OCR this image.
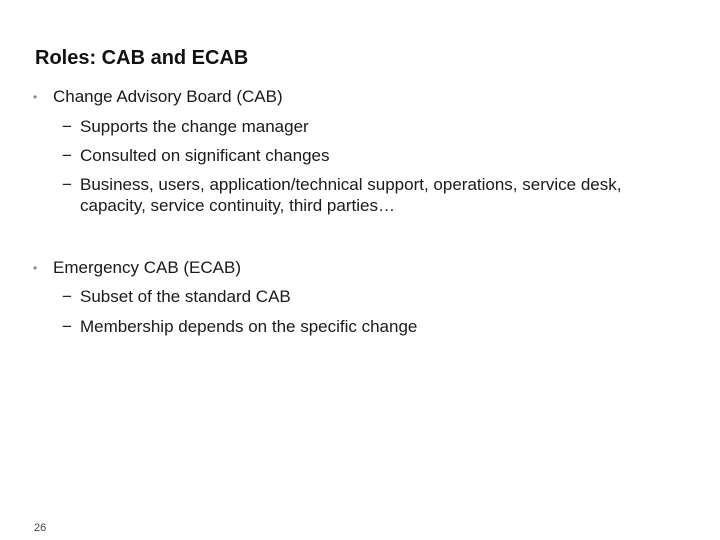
Roles: CAB and ECAB
• Change Advisory Board (CAB)
− Supports the change manager
− Consulted on significant changes
− Business, users, application/technical support, operations, service desk, capacity, service continuity, third parties…
• Emergency CAB (ECAB)
− Subset of the standard CAB
− Membership depends on the specific change
26
